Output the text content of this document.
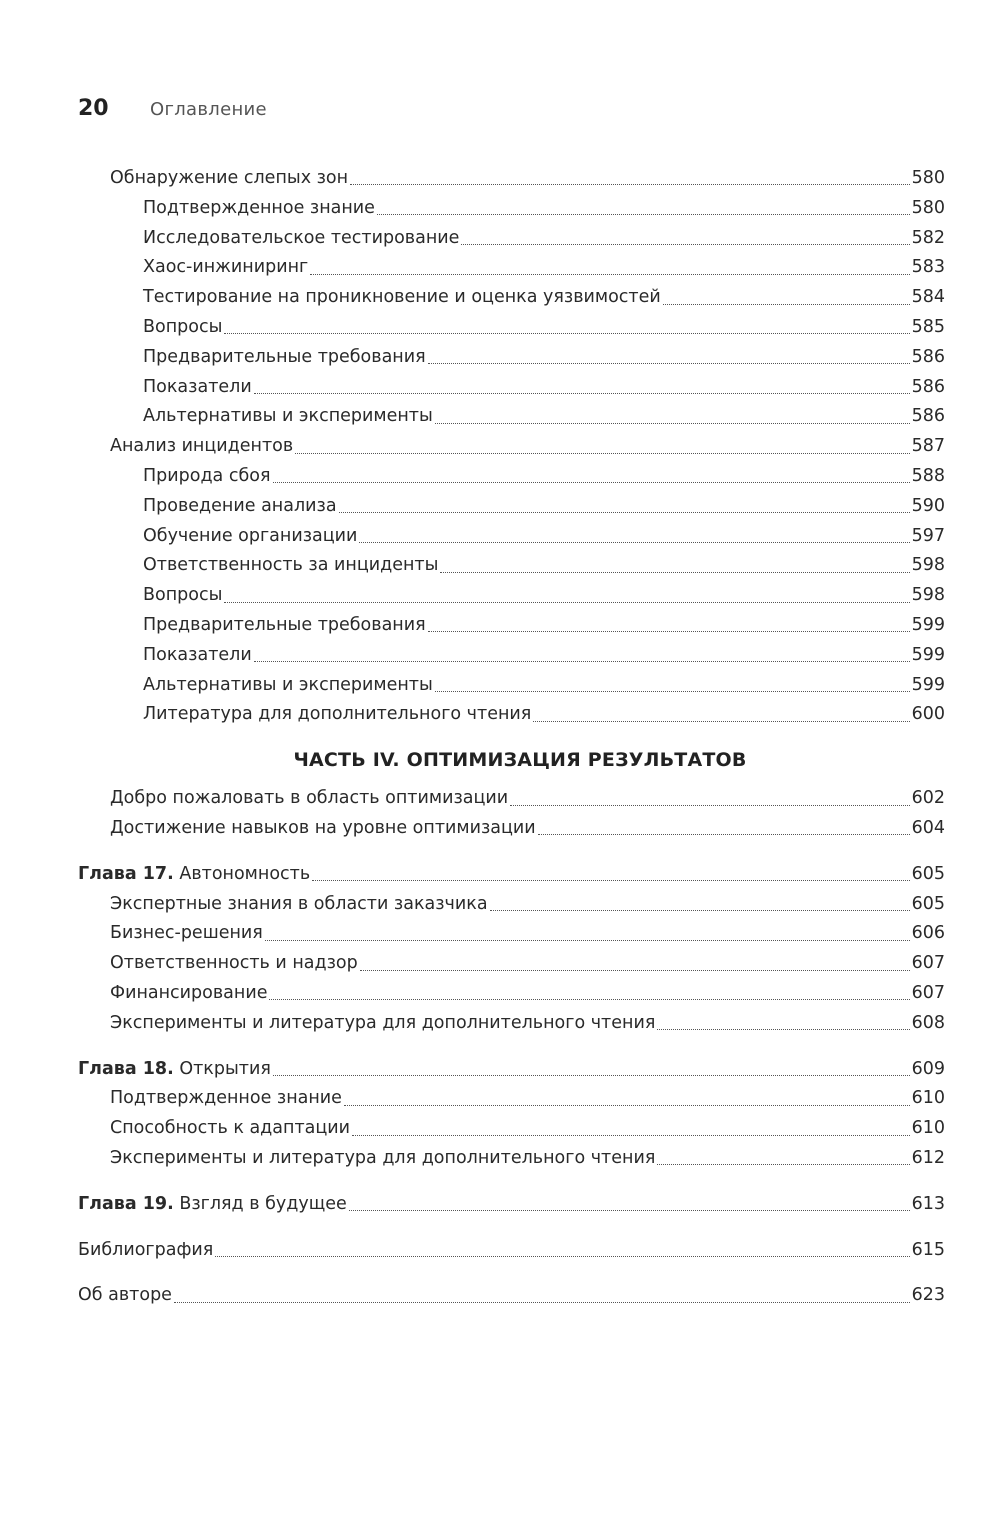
20	Оглавление
Обнаружение слепых зон	580
Подтвержденное знание	580
Исследовательское тестирование	582
Хаос-инжиниринг	583
Тестирование на проникновение и оценка уязвимостей	584
Вопросы	585
Предварительные требования	586
Показатели	586
Альтернативы и эксперименты	586
Анализ инцидентов	587
Природа сбоя	588
Проведение анализа	590
Обучение организации	597
Ответственность за инциденты	598
Вопросы	598
Предварительные требования	599
Показатели	599
Альтернативы и эксперименты	599
Литература для дополнительного чтения	600
ЧАСТЬ IV. ОПТИМИЗАЦИЯ РЕЗУЛЬТАТОВ
Добро пожаловать в область оптимизации	602
Достижение навыков на уровне оптимизации	604
Глава 17. Автономность	605
Экспертные знания в области заказчика	605
Бизнес-решения	606
Ответственность и надзор	607
Финансирование	607
Эксперименты и литература для дополнительного чтения	608
Глава 18. Открытия	609
Подтвержденное знание	610
Способность к адаптации	610
Эксперименты и литература для дополнительного чтения	612
Глава 19. Взгляд в будущее	613
Библиография	615
Об авторе	623
